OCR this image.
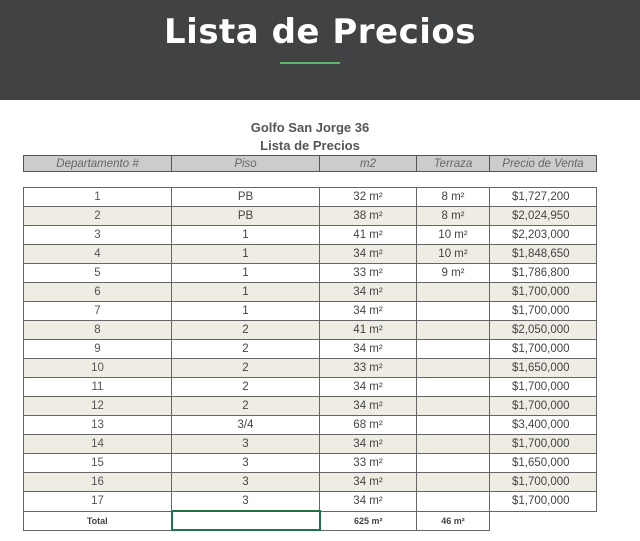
Lista de Precios
Golfo San Jorge 36
Lista de Precios
Departamento #	Piso	m2	Terraza	Precio de Venta
1	PB	32 m²	8 m²	$1,727,200
2	PB	38 m²	8 m²	$2,024,950
3	1	41 m²	10 m²	$2,203,000
4	1	34 m²	10 m²	$1,848,650
5	1	33 m²	9 m²	$1,786,800
6	1	34 m²		$1,700,000
7	1	34 m²		$1,700,000
8	2	41 m²		$2,050,000
9	2	34 m²		$1,700,000
10	2	33 m²		$1,650,000
11	2	34 m²		$1,700,000
12	2	34 m²		$1,700,000
13	3/4	68 m²		$3,400,000
14	3	34 m²		$1,700,000
15	3	33 m²		$1,650,000
16	3	34 m²		$1,700,000
17	3	34 m²		$1,700,000
Total		625 m²	46 m²	
